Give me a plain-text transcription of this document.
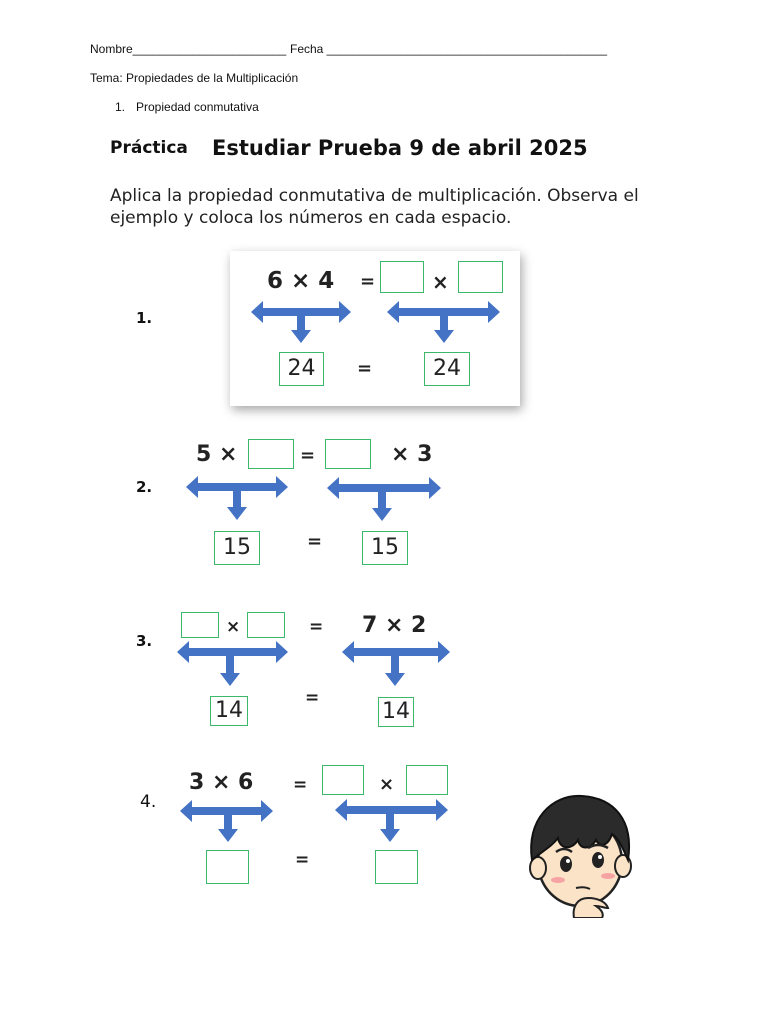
Nombre_______________________ Fecha __________________________________________
Tema: Propiedades de la Multiplicación
1. Propiedad conmutativa
Práctica Estudiar Prueba 9 de abril 2025
Aplica la propiedad conmutativa de multiplicación. Observa el
ejemplo y coloca los números en cada espacio.
1.
6 × 4 =	×
24	=	24
2.
5 ×	=	× 3
15	=	15
3.
×	= 7 × 2
14	=
14
4.
3 × 6 =	×
=
